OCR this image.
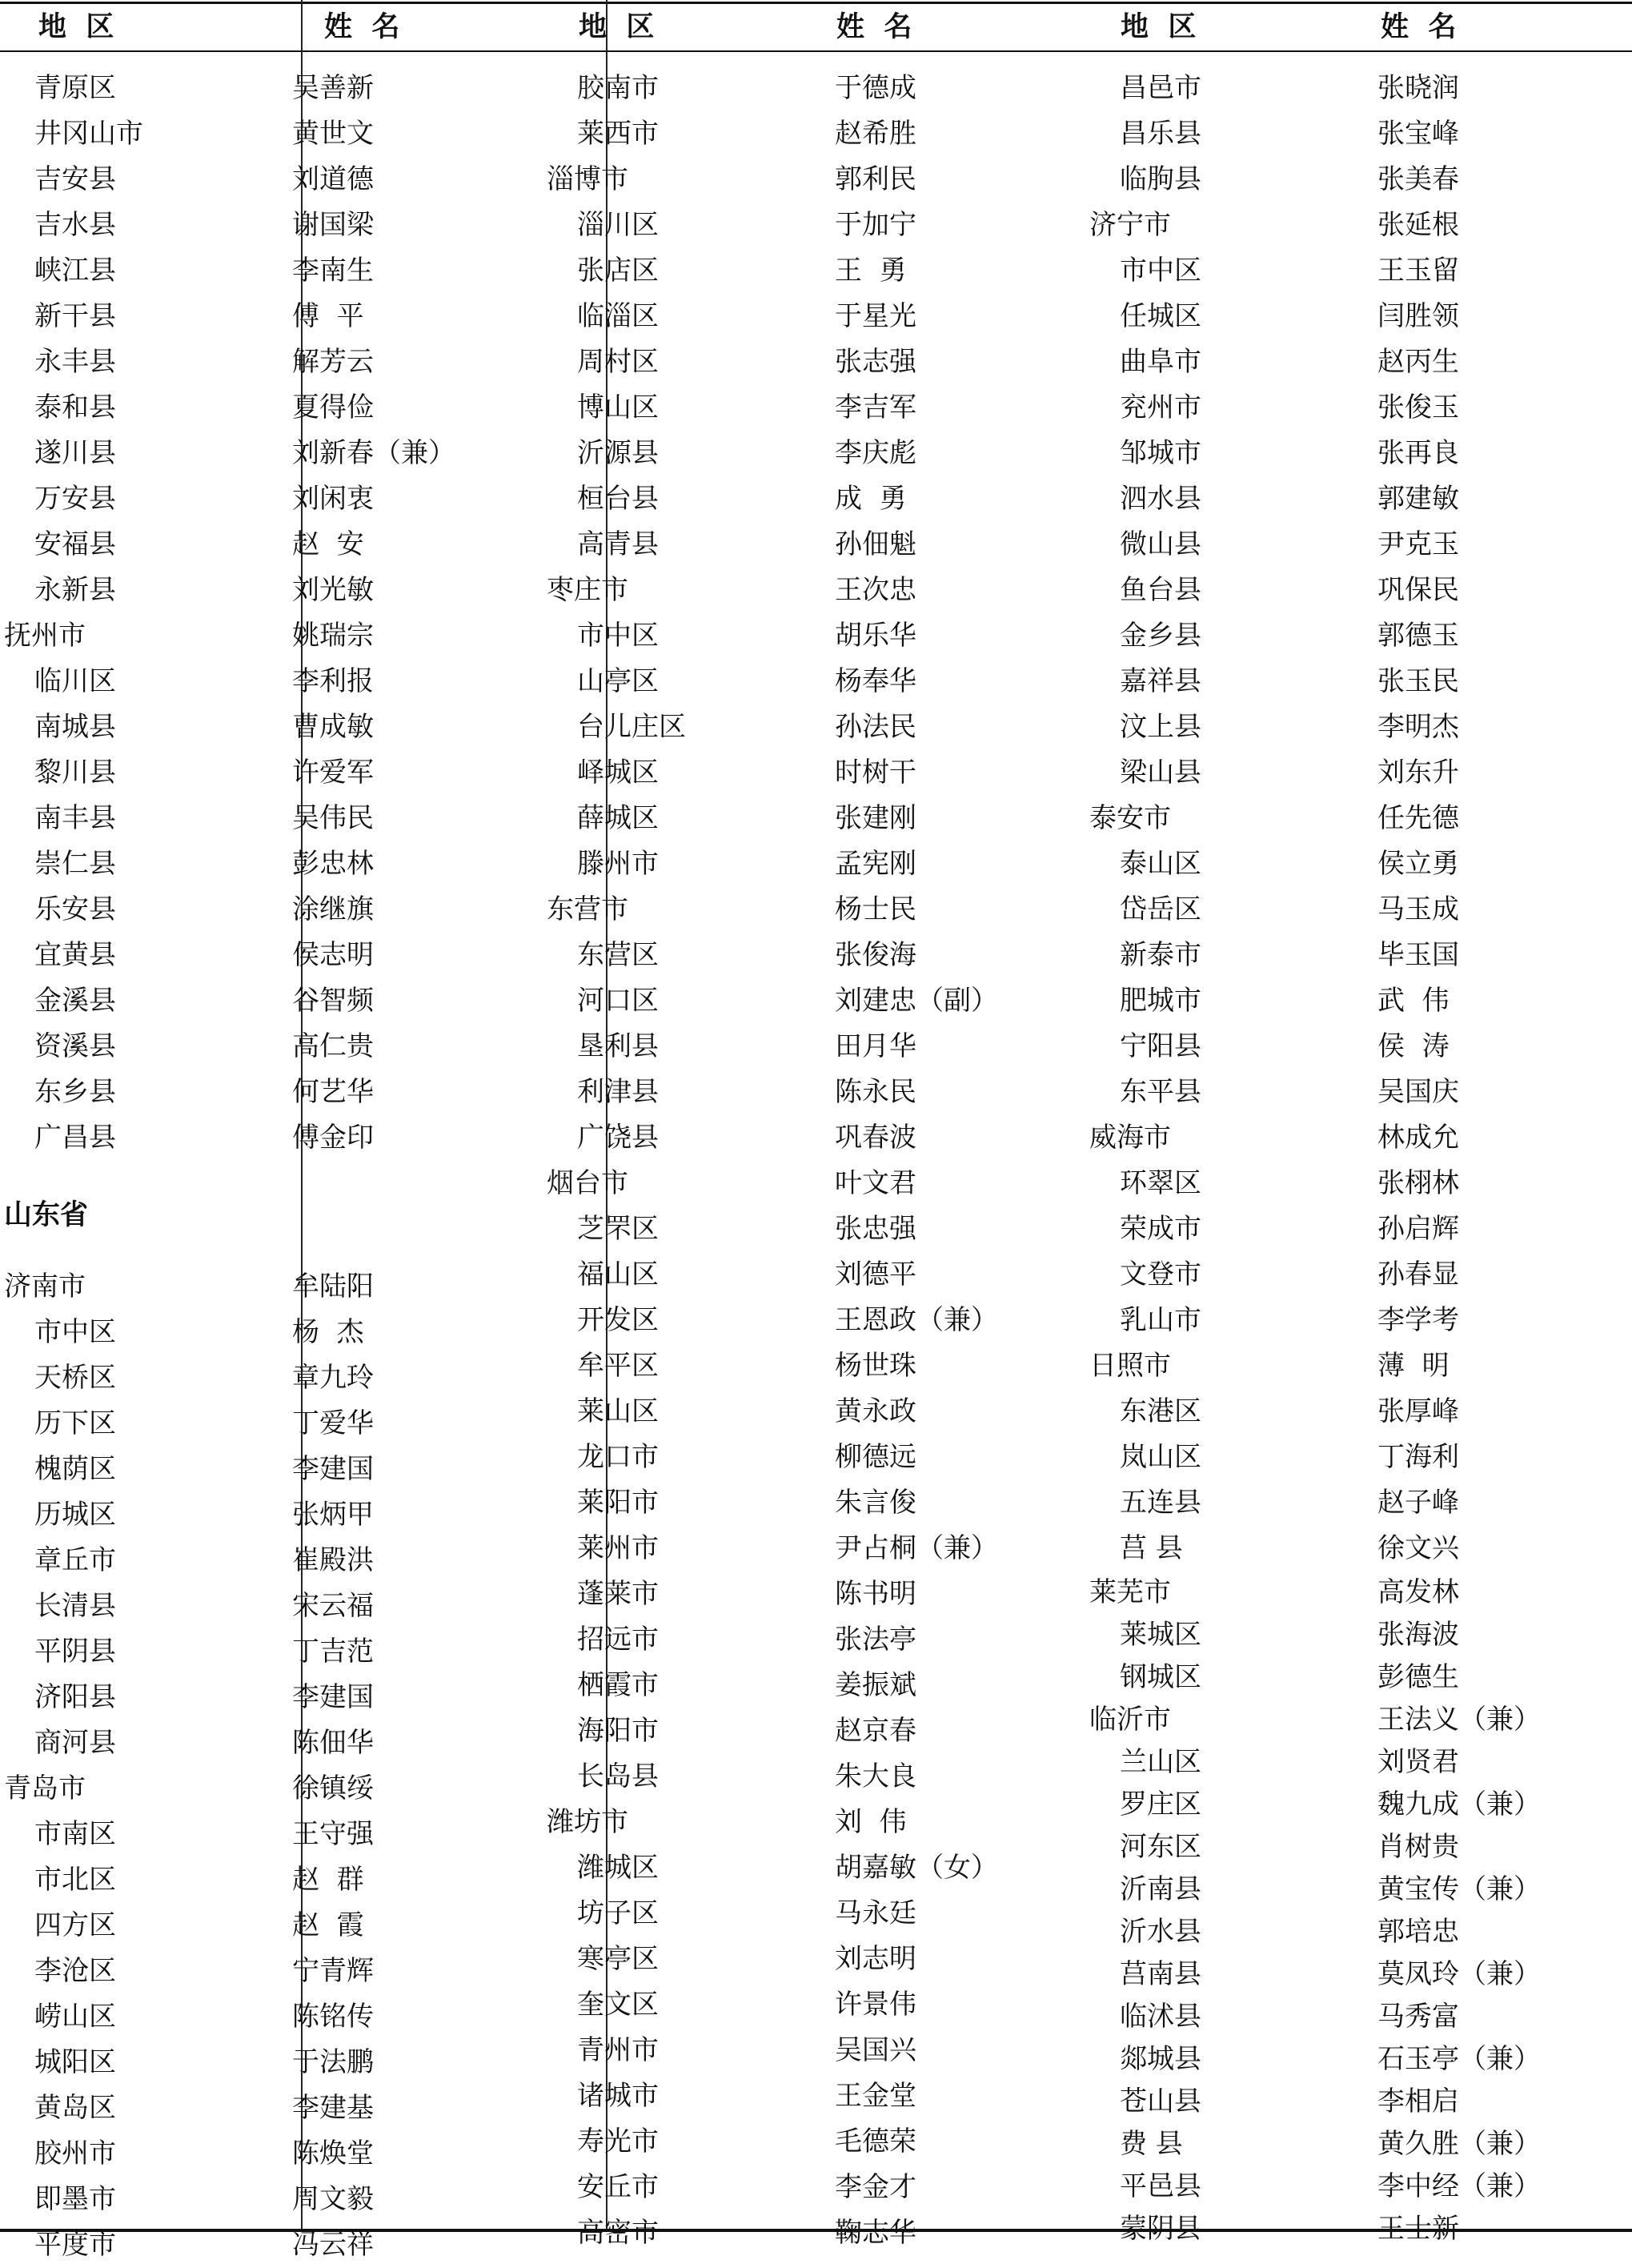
地  区	姓  名	地  区	姓  名	地  区	姓  名
青原区	吴善新
井冈山市	黄世文
吉安县	刘道德
吉水县	谢国梁
峡江县	李南生
新干县	傅  平
永丰县	解芳云
泰和县	夏得俭
遂川县	刘新春（兼）
万安县	刘闲衷
安福县	赵  安
永新县	刘光敏
抚州市	姚瑞宗
临川区	李利报
南城县	曹成敏
黎川县	许爱军
南丰县	吴伟民
崇仁县	彭忠林
乐安县	涂继旗
宜黄县	侯志明
金溪县	谷智频
资溪县	高仁贵
东乡县	何艺华
广昌县	傅金印
山东省
济南市	牟陆阳
市中区	杨  杰
天桥区	章九玲
历下区	丁爱华
槐荫区	李建国
历城区	张炳甲
章丘市	崔殿洪
长清县	宋云福
平阴县	丁吉范
济阳县	李建国
商河县	陈佃华
青岛市	徐镇绥
市南区	王守强
市北区	赵  群
四方区	赵  霞
李沧区	宁青辉
崂山区	陈铭传
城阳区	于法鹏
黄岛区	李建基
胶州市	陈焕堂
即墨市	周文毅
平度市	冯云祥
胶南市	于德成
莱西市	赵希胜
淄博市	郭利民
淄川区	于加宁
张店区	王  勇
临淄区	于星光
周村区	张志强
博山区	李吉军
沂源县	李庆彪
桓台县	成  勇
高青县	孙佃魁
枣庄市	王次忠
市中区	胡乐华
山亭区	杨奉华
台儿庄区	孙法民
峄城区	时树干
薛城区	张建刚
滕州市	孟宪刚
东营市	杨士民
东营区	张俊海
河口区	刘建忠（副）
垦利县	田月华
利津县	陈永民
广饶县	巩春波
烟台市	叶文君
芝罘区	张忠强
福山区	刘德平
开发区	王恩政（兼）
牟平区	杨世珠
莱山区	黄永政
龙口市	柳德远
莱阳市	朱言俊
莱州市	尹占桐（兼）
蓬莱市	陈书明
招远市	张法亭
栖霞市	姜振斌
海阳市	赵京春
长岛县	朱大良
潍坊市	刘  伟
潍城区	胡嘉敏（女）
坊子区	马永廷
寒亭区	刘志明
奎文区	许景伟
青州市	吴国兴
诸城市	王金堂
寿光市	毛德荣
安丘市	李金才
高密市	鞠志华
昌邑市	张晓润
昌乐县	张宝峰
临朐县	张美春
济宁市	张延根
市中区	王玉留
任城区	闫胜领
曲阜市	赵丙生
兖州市	张俊玉
邹城市	张再良
泗水县	郭建敏
微山县	尹克玉
鱼台县	巩保民
金乡县	郭德玉
嘉祥县	张玉民
汶上县	李明杰
梁山县	刘东升
泰安市	任先德
泰山区	侯立勇
岱岳区	马玉成
新泰市	毕玉国
肥城市	武  伟
宁阳县	侯  涛
东平县	吴国庆
威海市	林成允
环翠区	张栩林
荣成市	孙启辉
文登市	孙春显
乳山市	李学考
日照市	薄  明
东港区	张厚峰
岚山区	丁海利
五连县	赵子峰
莒 县	徐文兴
莱芜市	高发林
莱城区	张海波
钢城区	彭德生
临沂市	王法义（兼）
兰山区	刘贤君
罗庄区	魏九成（兼）
河东区	肖树贵
沂南县	黄宝传（兼）
沂水县	郭培忠
莒南县	莫凤玲（兼）
临沭县	马秀富
郯城县	石玉亭（兼）
苍山县	李相启
费 县	黄久胜（兼）
平邑县	李中经（兼）
蒙阴县	王士新
